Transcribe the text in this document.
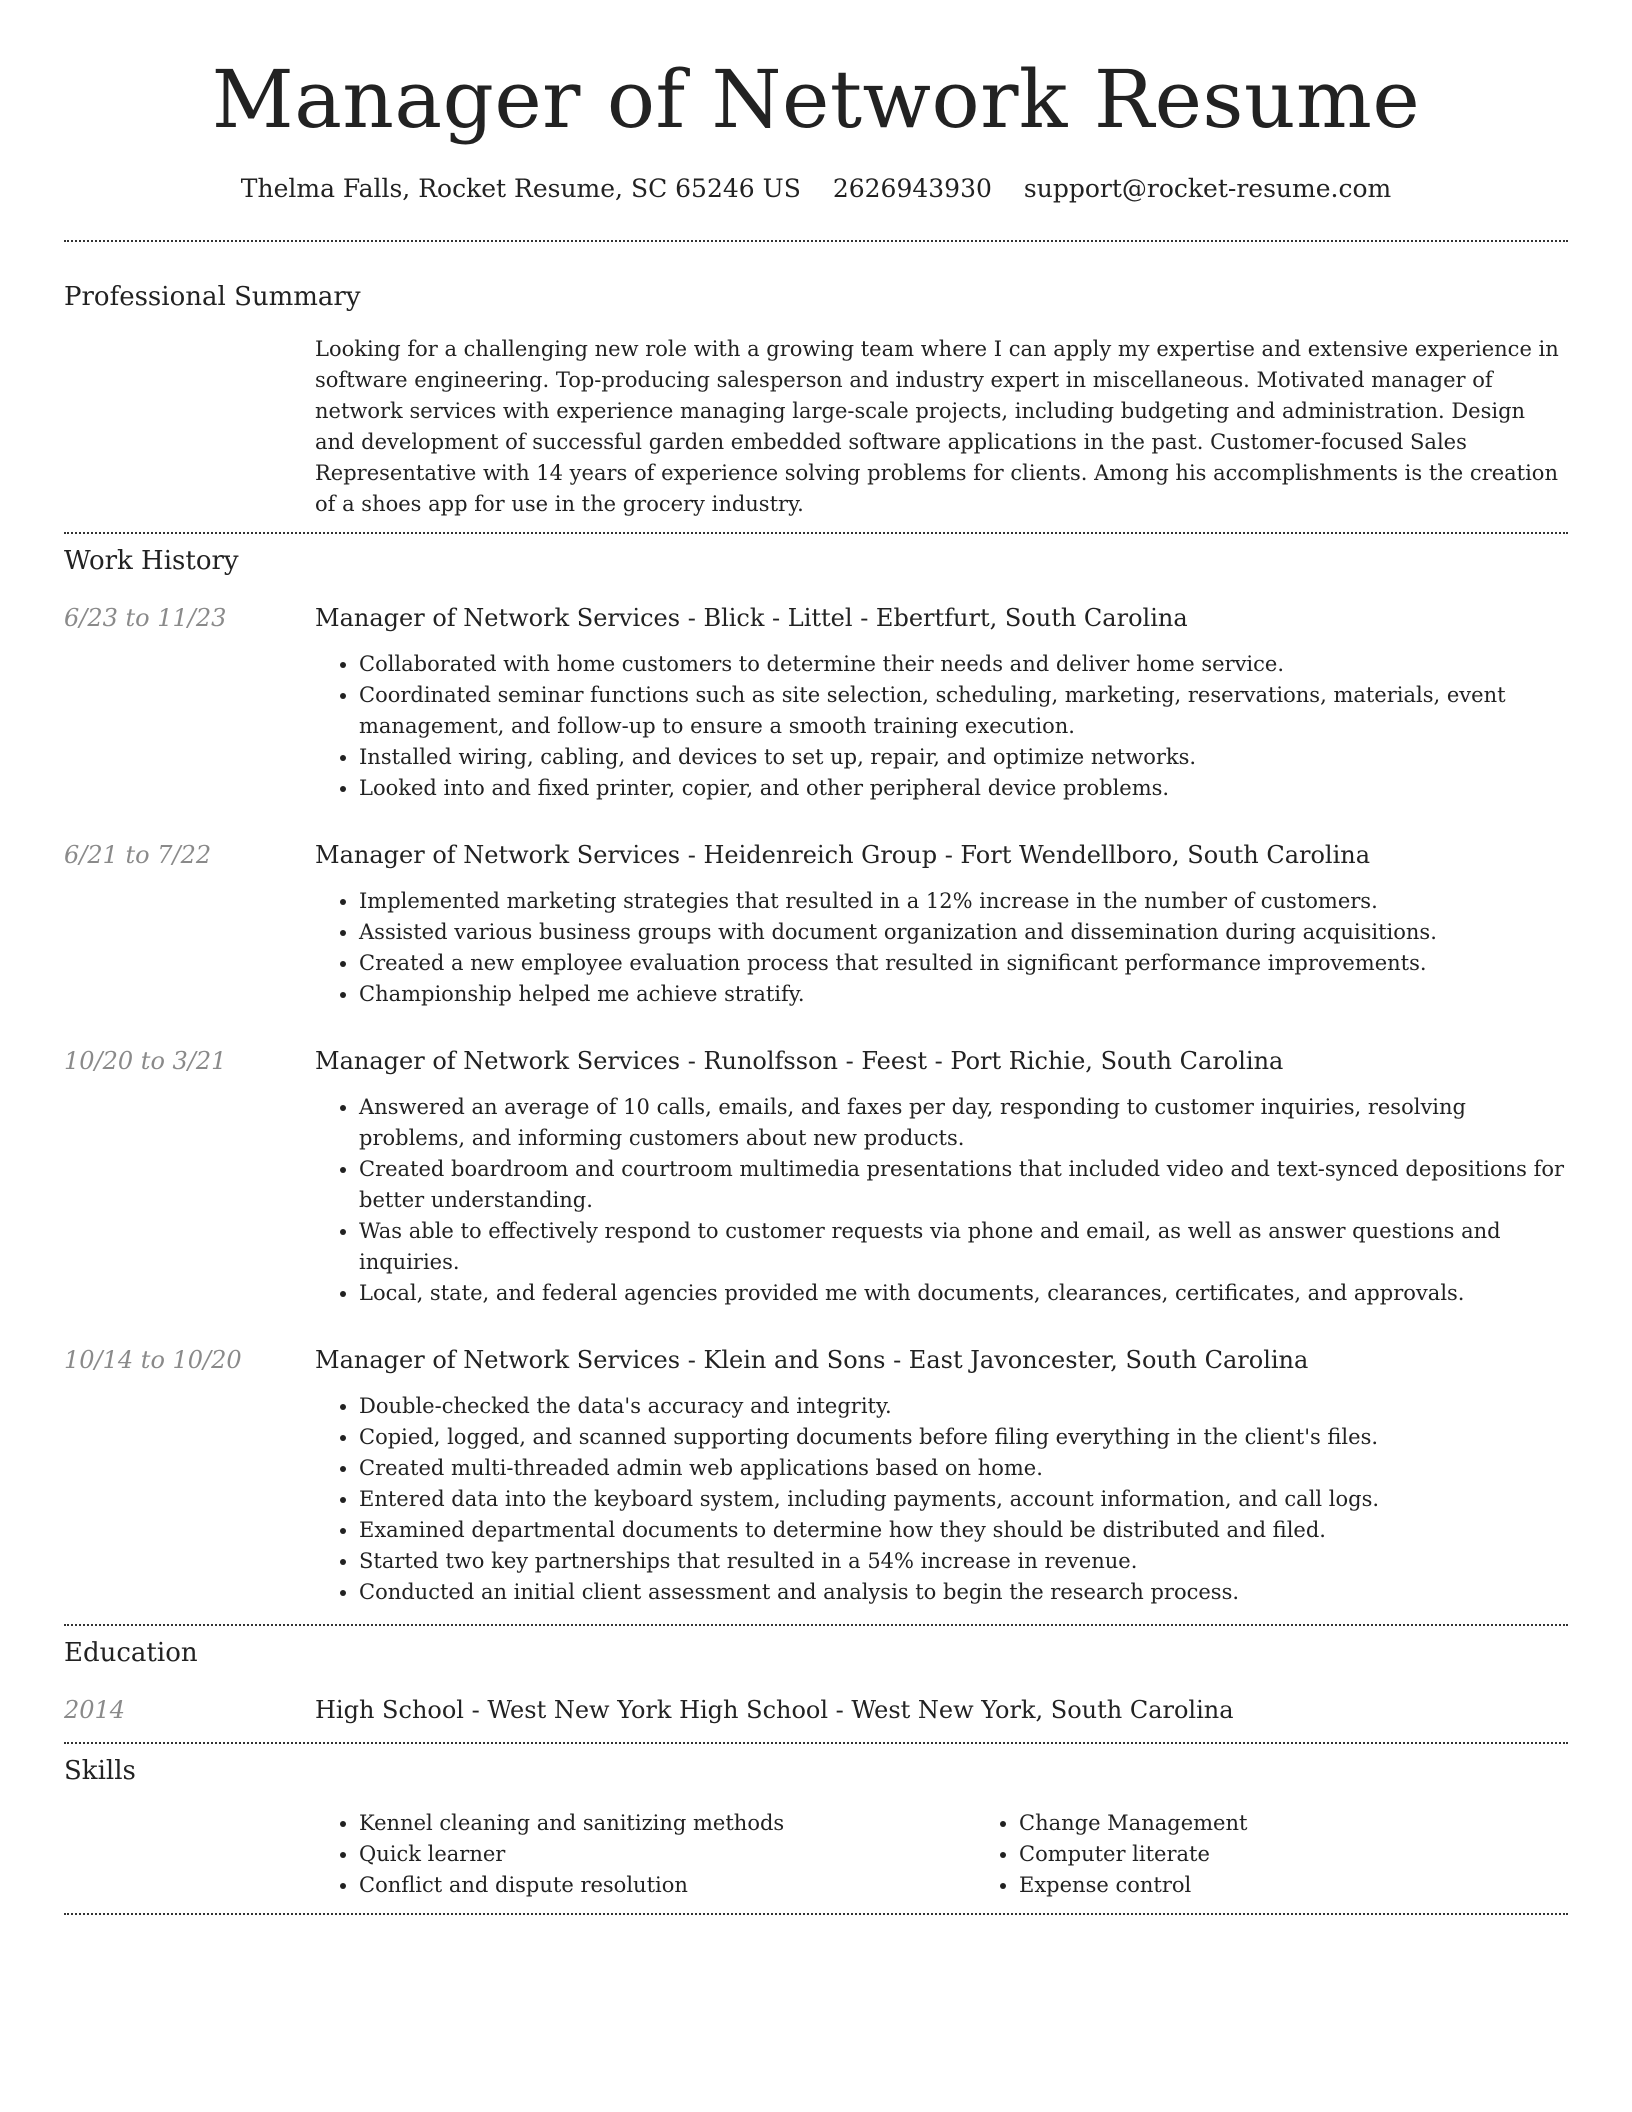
Manager of Network Resume
Thelma Falls, Rocket Resume, SC 65246 US 2626943930 support@rocket-resume.com
Professional Summary

Looking for a challenging new role with a growing team where I can apply my expertise and extensive experience in software engineering. Top-producing salesperson and industry expert in miscellaneous. Motivated manager of network services with experience managing large-scale projects, including budgeting and administration. Design and development of successful garden embedded software applications in the past. Customer-focused Sales Representative with 14 years of experience solving problems for clients. Among his accomplishments is the creation of a shoes app for use in the grocery industry.

Work History
6/23 to 11/23	Manager of Network Services - Blick - Littel - Ebertfurt, South Carolina
• Collaborated with home customers to determine their needs and deliver home service.
• Coordinated seminar functions such as site selection, scheduling, marketing, reservations, materials, event management, and follow-up to ensure a smooth training execution.
• Installed wiring, cabling, and devices to set up, repair, and optimize networks.
• Looked into and fixed printer, copier, and other peripheral device problems.
6/21 to 7/22	Manager of Network Services - Heidenreich Group - Fort Wendellboro, South Carolina
• Implemented marketing strategies that resulted in a 12% increase in the number of customers.
• Assisted various business groups with document organization and dissemination during acquisitions.
• Created a new employee evaluation process that resulted in significant performance improvements.
• Championship helped me achieve stratify.
10/20 to 3/21	Manager of Network Services - Runolfsson - Feest - Port Richie, South Carolina
• Answered an average of 10 calls, emails, and faxes per day, responding to customer inquiries, resolving problems, and informing customers about new products.
• Created boardroom and courtroom multimedia presentations that included video and text-synced depositions for better understanding.
• Was able to effectively respond to customer requests via phone and email, as well as answer questions and inquiries.
• Local, state, and federal agencies provided me with documents, clearances, certificates, and approvals.
10/14 to 10/20	Manager of Network Services - Klein and Sons - East Javoncester, South Carolina
• Double-checked the data's accuracy and integrity.
• Copied, logged, and scanned supporting documents before filing everything in the client's files.
• Created multi-threaded admin web applications based on home.
• Entered data into the keyboard system, including payments, account information, and call logs.
• Examined departmental documents to determine how they should be distributed and filed.
• Started two key partnerships that resulted in a 54% increase in revenue.
• Conducted an initial client assessment and analysis to begin the research process.
Education
2014	High School - West New York High School - West New York, South Carolina
Skills
• Kennel cleaning and sanitizing methods
• Quick learner
• Conflict and dispute resolution
• Change Management
• Computer literate
• Expense control
